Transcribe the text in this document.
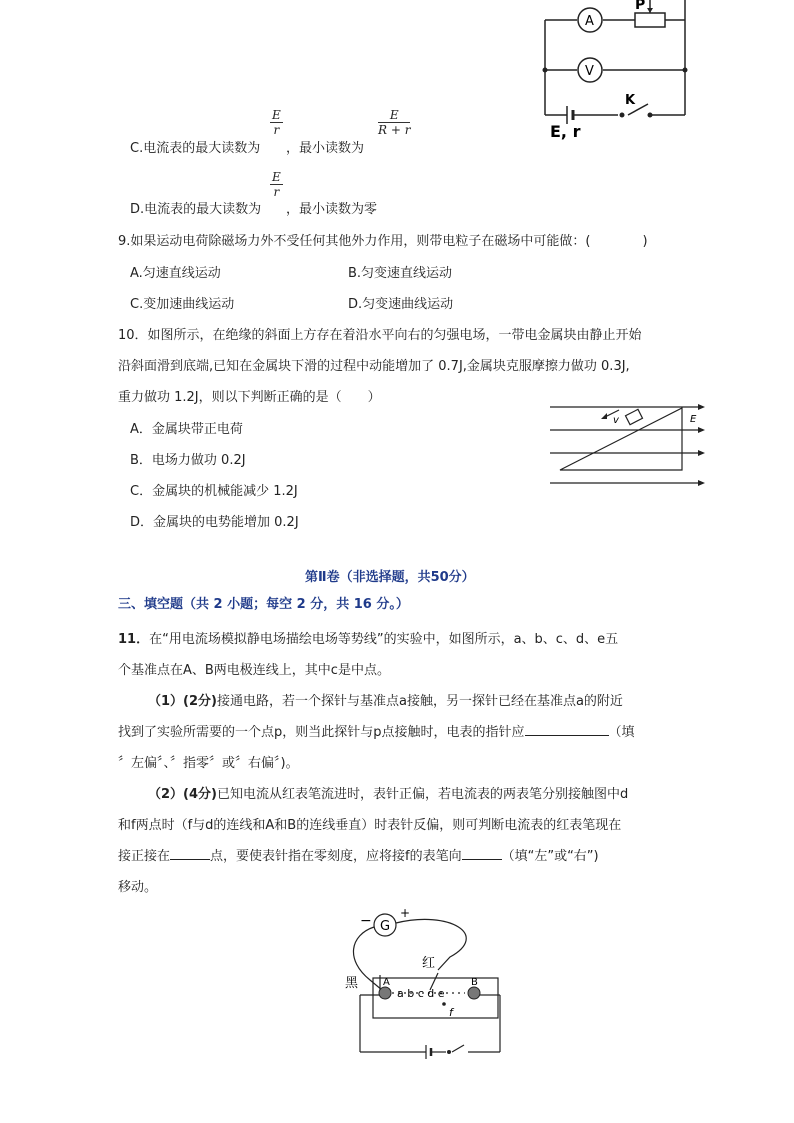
A
V
P
K
E, r
$\frac{E}{r}$	$\frac{E}{R + r}$
C.电流表的最大读数为 ，最小读数为
$\frac{E}{r}$
D.电流表的最大读数为 ，最小读数为零
9.如果运动电荷除磁场力外不受任何其他外力作用，则带电粒子在磁场中可能做：(　　　　)
A.匀速直线运动	B.匀变速直线运动
C.变加速曲线运动	D.匀变速曲线运动
10．如图所示，在绝缘的斜面上方存在着沿水平向右的匀强电场，一带电金属块由静止开始
沿斜面滑到底端,已知在金属块下滑的过程中动能增加了 0.7J,金属块克服摩擦力做功 0.3J,
重力做功 1.2J，则以下判断正确的是（　　）
A．金属块带正电荷
B．电场力做功 0.2J
C．金属块的机械能减少 1.2J
D．金属块的电势能增加 0.2J
v	E
第Ⅱ卷（非选择题，共50分）
三、填空题（共 2 小题；每空 2 分，共 16 分。）
11．在“用电流场模拟静电场描绘电场等势线”的实验中，如图所示，a、b、c、d、e五
个基准点在A、B两电极连线上，其中c是中点。
（1）(2分)接通电路，若一个探针与基准点a接触，另一探针已经在基准点a的附近
找到了实验所需要的一个点p，则当此探针与p点接触时，电表的指针应	（填
〞左偏〞、〞指零〞或〞右偏〞)。
（2）(4分)已知电流从红表笔流进时，表针正偏，若电流表的两表笔分别接触图中d
和f两点时（f与d的连线和A和B的连线垂直）时表针反偏，则可判断电流表的红表笔现在
接正接在	点，要使表针指在零刻度，应将接f的表笔向	（填“左”或“右”)
移动。
G
− +
黑
红
A	B
a b c d e
f
